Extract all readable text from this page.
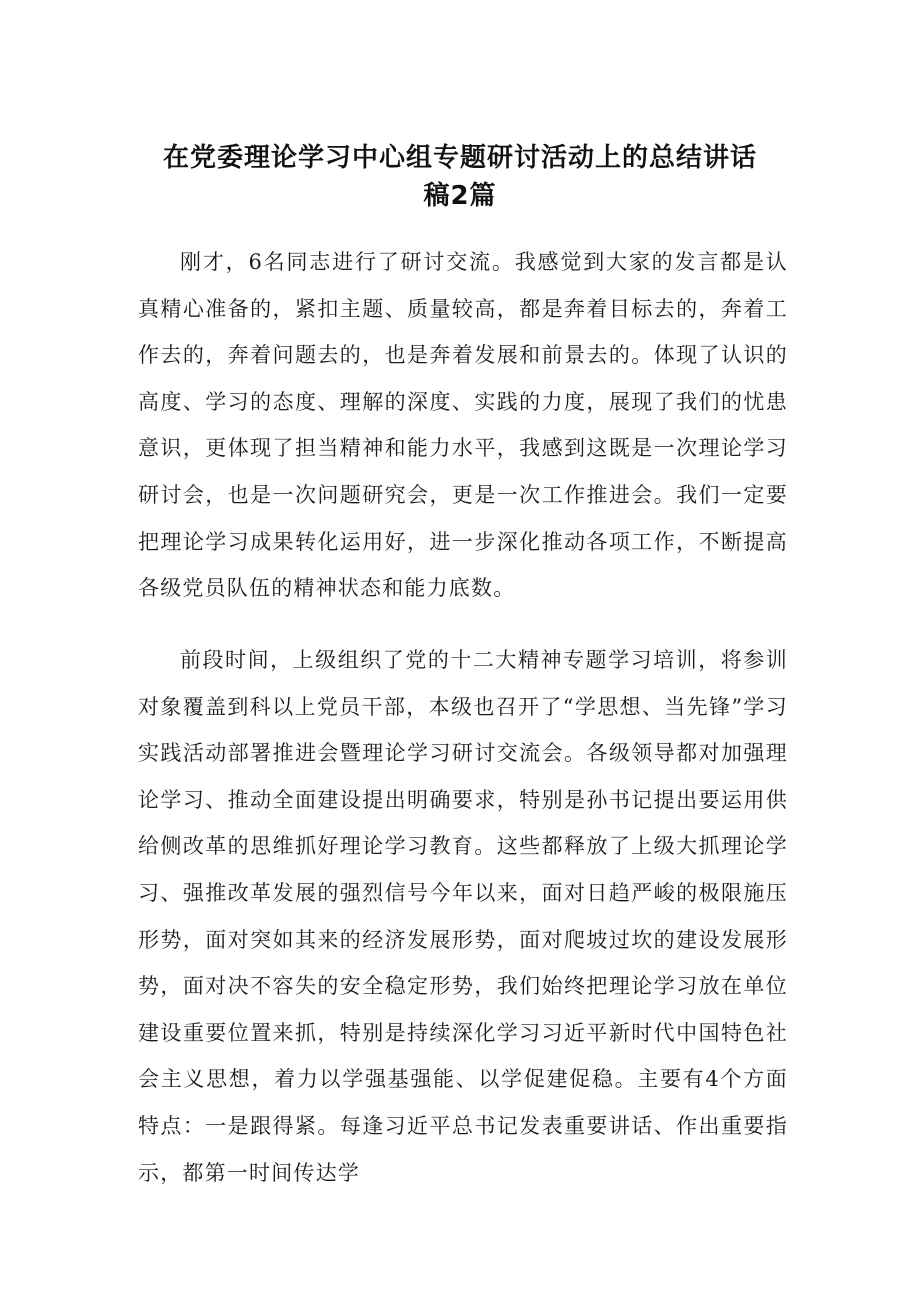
在党委理论学习中心组专题研讨活动上的总结讲话
稿2篇

刚才，6名同志进行了研讨交流。我感觉到大家的发言都是认真精心准备的，紧扣主题、质量较高，都是奔着目标去的，奔着工作去的，奔着问题去的，也是奔着发展和前景去的。体现了认识的高度、学习的态度、理解的深度、实践的力度，展现了我们的忧患意识，更体现了担当精神和能力水平，我感到这既是一次理论学习研讨会，也是一次问题研究会，更是一次工作推进会。我们一定要把理论学习成果转化运用好，进一步深化推动各项工作，不断提高各级党员队伍的精神状态和能力底数。

前段时间，上级组织了党的十二大精神专题学习培训，将参训对象覆盖到科以上党员干部，本级也召开了“学思想、当先锋”学习实践活动部署推进会暨理论学习研讨交流会。各级领导都对加强理论学习、推动全面建设提出明确要求，特别是孙书记提出要运用供给侧改革的思维抓好理论学习教育。这些都释放了上级大抓理论学习、强推改革发展的强烈信号今年以来，面对日趋严峻的极限施压形势，面对突如其来的经济发展形势，面对爬坡过坎的建设发展形势，面对决不容失的安全稳定形势，我们始终把理论学习放在单位建设重要位置来抓，特别是持续深化学习习近平新时代中国特色社会主义思想，着力以学强基强能、以学促建促稳。主要有4个方面特点：一是跟得紧。每逢习近平总书记发表重要讲话、作出重要指示，都第一时间传达学
